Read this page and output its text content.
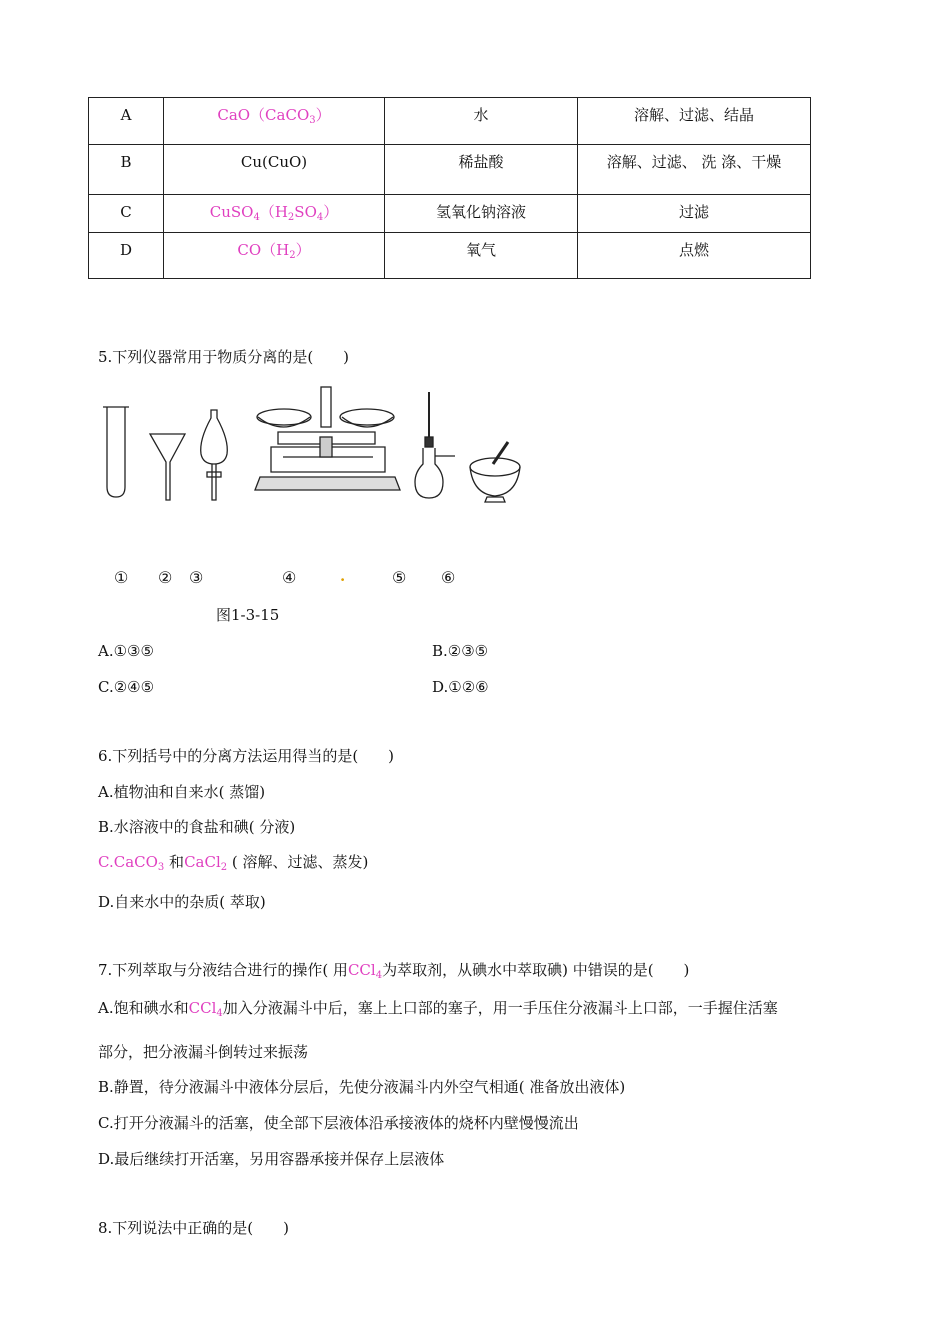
A	CaO（CaCO$_3$）	水	溶解、过滤、结晶
B	Cu(CuO)	稀盐酸	溶解、过滤、 洗 涤、干燥
C	$CuSO_4(H_2SO_4)$	氢氧化钠溶液	过滤
D	$CO(H_2)$	氧气	点燃
5.下列仪器常用于物质分离的是(　　)
① ② ③	④	.	⑤ ⑥
图1-3-15
A.①③⑤	B.②③⑤
C.②④⑤	D.①②⑥
6.下列括号中的分离方法运用得当的是(　　)
A.植物油和自来水( 蒸馏)
B.水溶液中的食盐和碘( 分液)
C.CaCO$_3$ 和CaCl$_2$ ( 溶解、过滤、蒸发)
D.自来水中的杂质( 萃取)
7.下列萃取与分液结合进行的操作( 用CCl$_4$为萃取剂，从碘水中萃取碘) 中错误的是(　　)
A.饱和碘水和CCl$_4$加入分液漏斗中后，塞上上口部的塞子，用一手压住分液漏斗上口部，一手握住活塞
部分，把分液漏斗倒转过来振荡
B.静置，待分液漏斗中液体分层后，先使分液漏斗内外空气相通( 准备放出液体)
C.打开分液漏斗的活塞，使全部下层液体沿承接液体的烧杯内壁慢慢流出
D.最后继续打开活塞，另用容器承接并保存上层液体
8.下列说法中正确的是(　　)
